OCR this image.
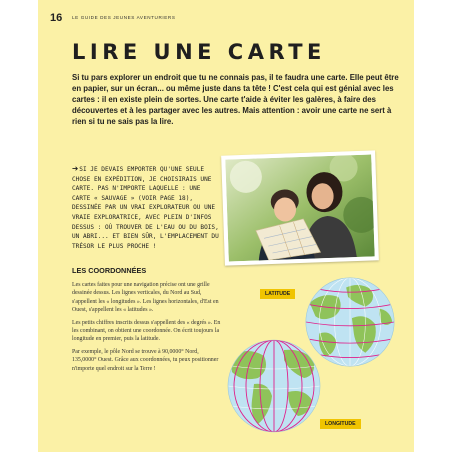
16 LE GUIDE DES JEUNES AVENTURIERS
LIRE UNE CARTE

Si tu pars explorer un endroit que tu ne connais pas, il te faudra une carte. Elle peut être en papier, sur un écran... ou même juste dans ta tête ! C'est cela qui est génial avec les cartes : il en existe plein de sortes. Une carte t'aide à éviter les galères, à faire des découvertes et à les partager avec les autres. Mais attention : avoir une carte ne sert à rien si tu ne sais pas la lire.

➔SI JE DEVAIS EMPORTER QU'UNE SEULE CHOSE EN EXPÉDITION, JE CHOISIRAIS UNE CARTE. PAS N'IMPORTE LAQUELLE : UNE CARTE « SAUVAGE » (VOIR PAGE 18), DESSINÉE PAR UN VRAI EXPLORATEUR OU UNE VRAIE EXPLORATRICE, AVEC PLEIN D'INFOS DESSUS : OÙ TROUVER DE L'EAU OU DU BOIS, UN ABRI... ET BIEN SÛR, L'EMPLACEMENT DU TRÉSOR LE PLUS PROCHE !
LES COORDONNÉES

Les cartes faites pour une navigation précise ont une grille dessinée dessus. Les lignes verticales, du Nord au Sud, s'appellent les « longitudes ». Les lignes horizontales, d'Est en Ouest, s'appellent les « latitudes ».

Les petits chiffres inscrits dessus s'appellent des « degrés ». En les combinant, on obtient une coordonnée. On écrit toujours la longitude en premier, puis la latitude.

Par exemple, le pôle Nord se trouve à 90,0000° Nord, 135,0000° Ouest. Grâce aux coordonnées, tu peux positionner n'importe quel endroit sur la Terre !

LATITUDE
LONGITUDE
